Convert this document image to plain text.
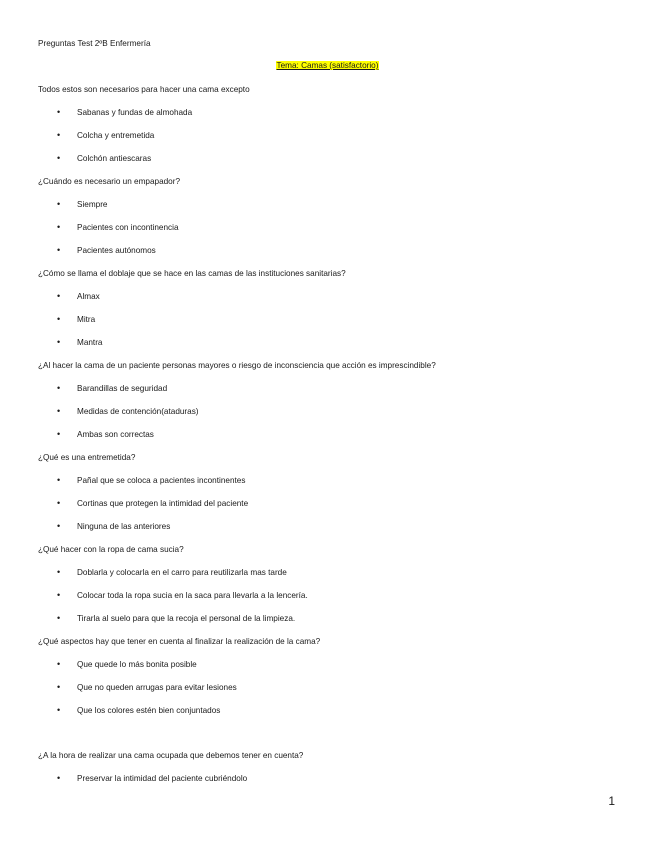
Preguntas Test 2ºB Enfermería
Tema: Camas (satisfactorio)

Todos estos son necesarios para hacer una cama excepto

• Sabanas y fundas de almohada
• Colcha y entremetida
• Colchón antiescaras

¿Cuándo es necesario un empapador?

• Siempre
• Pacientes con incontinencia
• Pacientes autónomos

¿Cómo se llama el doblaje que se hace en las camas de las instituciones sanitarias?

• Almax
• Mitra
• Mantra

¿Al hacer la cama de un paciente personas mayores o riesgo de inconsciencia que acción es imprescindible?

• Barandillas de seguridad
• Medidas de contención(ataduras)
• Ambas son correctas

¿Qué es una entremetida?

• Pañal que se coloca a pacientes incontinentes
• Cortinas que protegen la intimidad del paciente
• Ninguna de las anteriores

¿Qué hacer con la ropa de cama sucia?

• Doblarla y colocarla en el carro para reutilizarla mas tarde
• Colocar toda la ropa sucia en la saca para llevarla a la lencería.
• Tirarla al suelo para que la recoja el personal de la limpieza.

¿Qué aspectos hay que tener en cuenta al finalizar la realización de la cama?

• Que quede lo más bonita posible
• Que no queden arrugas para evitar lesiones
• Que los colores estén bien conjuntados

¿A la hora de realizar una cama ocupada que debemos tener en cuenta?

• Preservar la intimidad del paciente cubriéndolo
1
